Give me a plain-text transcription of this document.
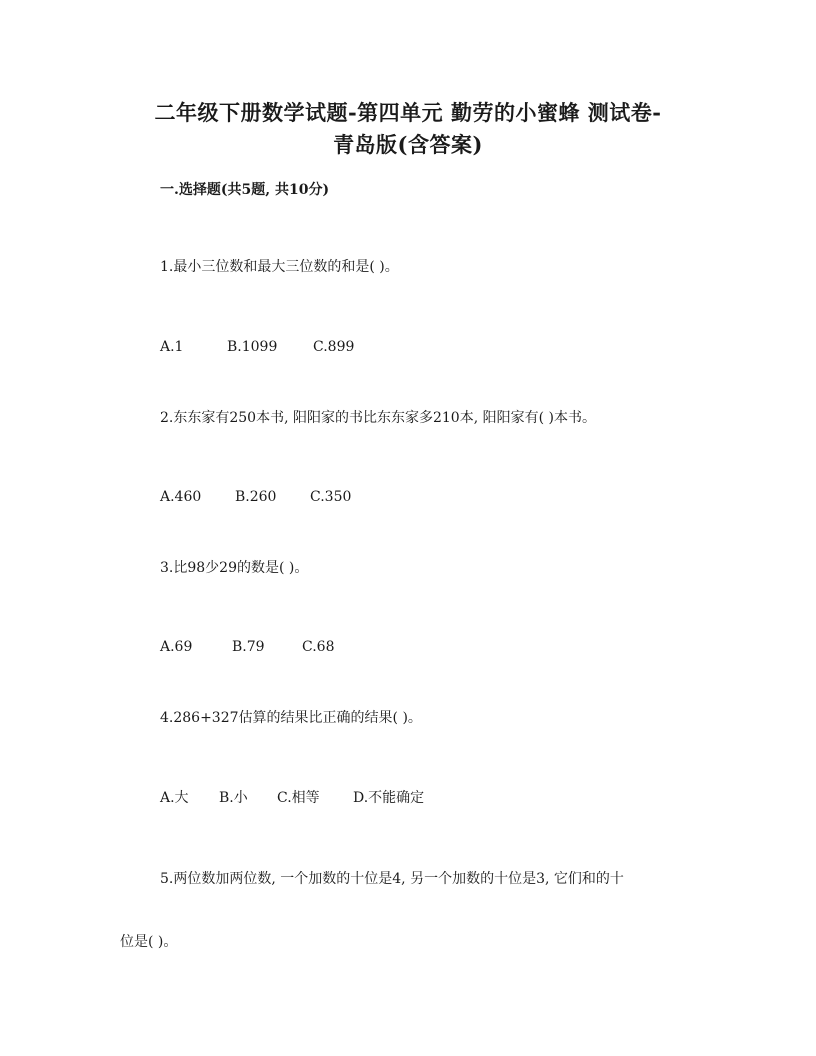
二年级下册数学试题-第四单元 勤劳的小蜜蜂 测试卷-
青岛版(含答案)
一.选择题(共5题, 共10分)
1.最小三位数和最大三位数的和是( )。
A.1	B.1099	C.899
2.东东家有250本书, 阳阳家的书比东东家多210本, 阳阳家有( )本书。
A.460 B.260 C.350
3.比98少29的数是( )。
A.69	B.79	C.68
4.286+327估算的结果比正确的结果( )。
A.大 B.小 C.相等 D.不能确定
5.两位数加两位数, 一个加数的十位是4, 另一个加数的十位是3, 它们和的十
位是( )。
